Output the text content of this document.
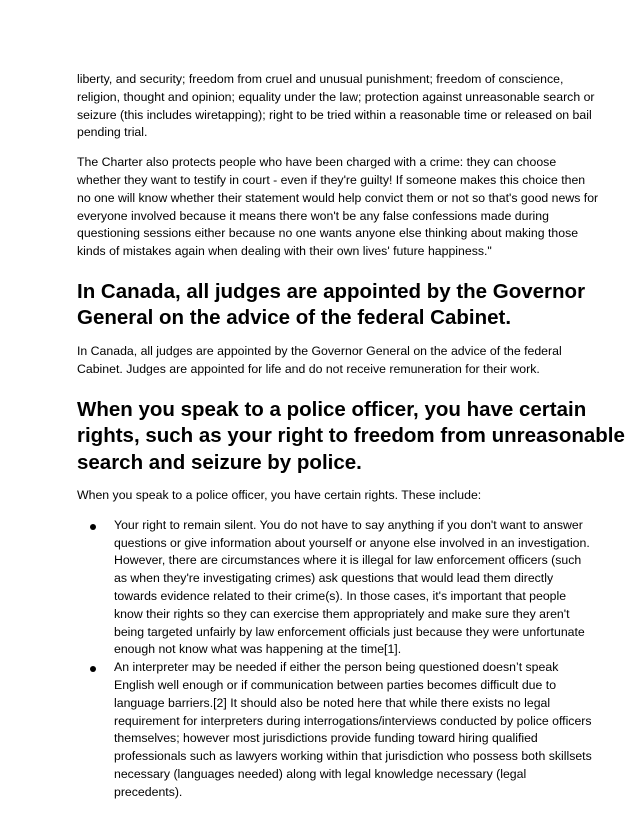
liberty, and security; freedom from cruel and unusual punishment; freedom of conscience,
religion, thought and opinion; equality under the law; protection against unreasonable search or
seizure (this includes wiretapping); right to be tried within a reasonable time or released on bail
pending trial.

The Charter also protects people who have been charged with a crime: they can choose
whether they want to testify in court - even if they're guilty! If someone makes this choice then
no one will know whether their statement would help convict them or not so that's good news for
everyone involved because it means there won't be any false confessions made during
questioning sessions either because no one wants anyone else thinking about making those
kinds of mistakes again when dealing with their own lives' future happiness."

In Canada, all judges are appointed by the Governor
General on the advice of the federal Cabinet.

In Canada, all judges are appointed by the Governor General on the advice of the federal
Cabinet. Judges are appointed for life and do not receive remuneration for their work.

When you speak to a police officer, you have certain
rights, such as your right to freedom from unreasonable
search and seizure by police.

When you speak to a police officer, you have certain rights. These include:

Your right to remain silent. You do not have to say anything if you don't want to answer
questions or give information about yourself or anyone else involved in an investigation.
However, there are circumstances where it is illegal for law enforcement officers (such
as when they're investigating crimes) ask questions that would lead them directly
towards evidence related to their crime(s). In those cases, it's important that people
know their rights so they can exercise them appropriately and make sure they aren't
being targeted unfairly by law enforcement officials just because they were unfortunate
enough not know what was happening at the time[1].
An interpreter may be needed if either the person being questioned doesn’t speak
English well enough or if communication between parties becomes difficult due to
language barriers.[2] It should also be noted here that while there exists no legal
requirement for interpreters during interrogations/interviews conducted by police officers
themselves; however most jurisdictions provide funding toward hiring qualified
professionals such as lawyers working within that jurisdiction who possess both skillsets
necessary (languages needed) along with legal knowledge necessary (legal
precedents).
